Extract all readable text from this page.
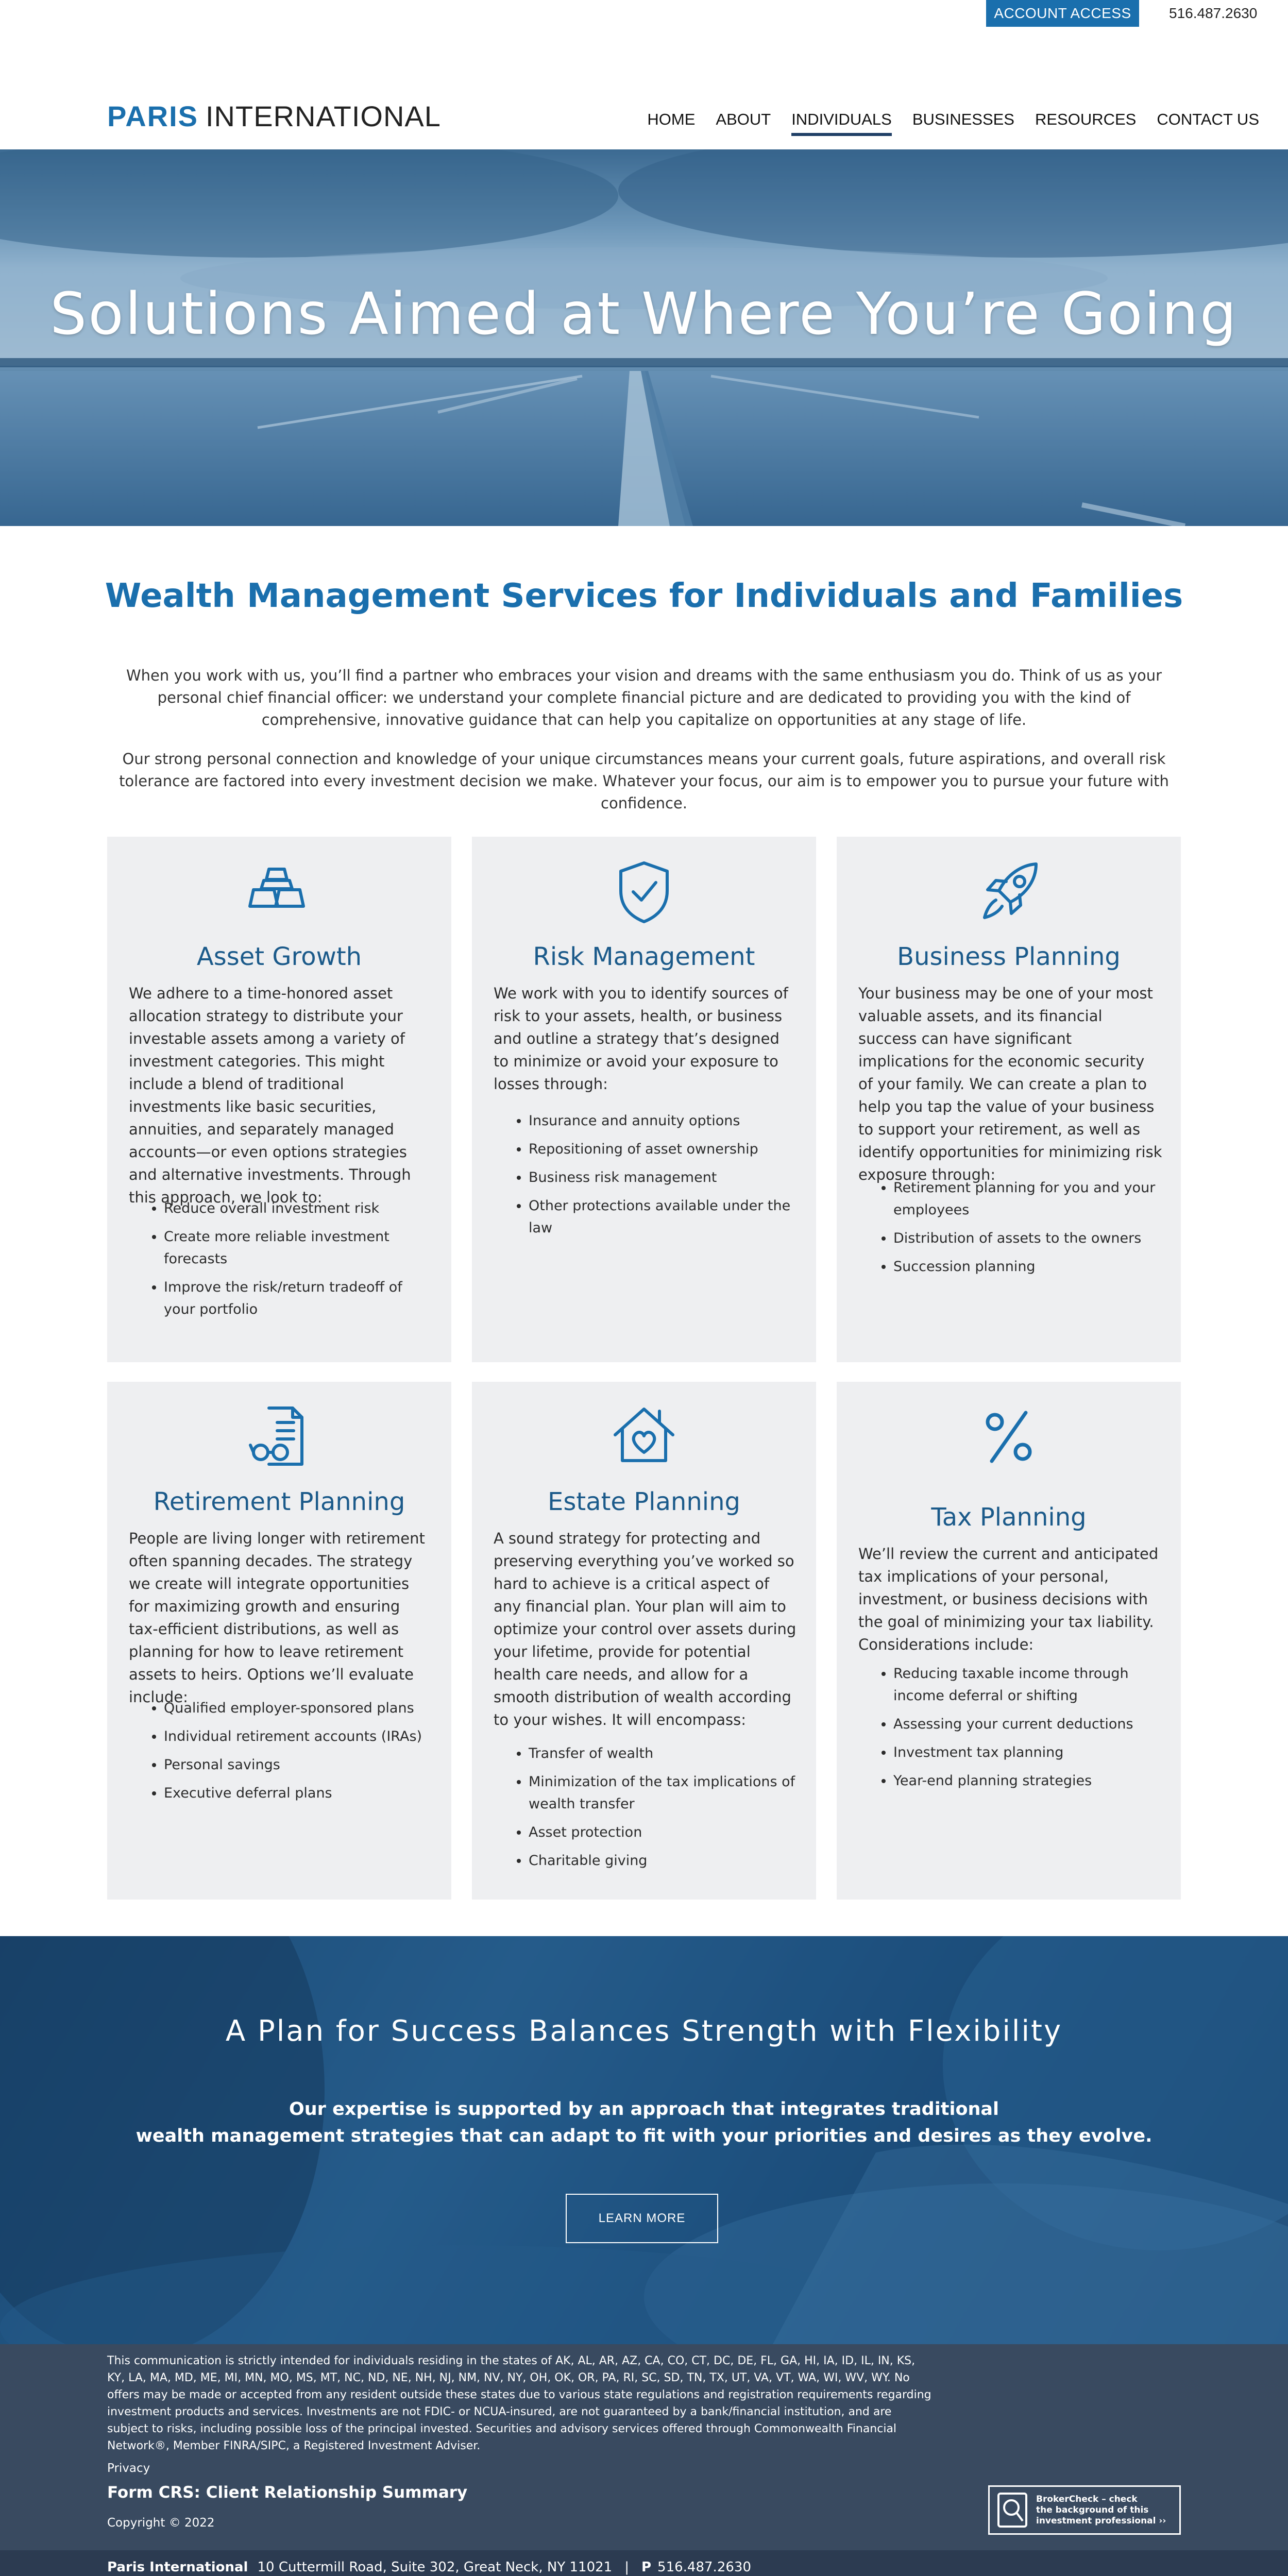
ACCOUNT ACCESS	516.487.2630
PARIS INTERNATIONAL	HOME	ABOUT	INDIVIDUALS	BUSINESSES	RESOURCES	CONTACT US
Solutions Aimed at Where You’re Going
Wealth Management Services for Individuals and Families

When you work with us, you’ll find a partner who embraces your vision and dreams with the same enthusiasm you do. Think of us as your personal chief financial officer: we understand your complete financial picture and are dedicated to providing you with the kind of comprehensive, innovative guidance that can help you capitalize on opportunities at any stage of life.

Our strong personal connection and knowledge of your unique circumstances means your current goals, future aspirations, and overall risk tolerance are factored into every investment decision we make. Whatever your focus, our aim is to empower you to pursue your future with confidence.

Asset Growth

We adhere to a time-honored asset allocation strategy to distribute your investable assets among a variety of investment categories. This might include a blend of traditional investments like basic securities, annuities, and separately managed accounts—or even options strategies and alternative investments. Through this approach, we look to:

• Reduce overall investment risk
• Create more reliable investment forecasts
• Improve the risk/return tradeoff of your portfolio
Risk Management

We work with you to identify sources of risk to your assets, health, or business and outline a strategy that’s designed to minimize or avoid your exposure to losses through:

• Insurance and annuity options
• Repositioning of asset ownership
• Business risk management
• Other protections available under the law
Business Planning

Your business may be one of your most valuable assets, and its financial success can have significant implications for the economic security of your family. We can create a plan to help you tap the value of your business to support your retirement, as well as identify opportunities for minimizing risk exposure through:

• Retirement planning for you and your employees
• Distribution of assets to the owners
• Succession planning
Retirement Planning

People are living longer with retirement often spanning decades. The strategy we create will integrate opportunities for maximizing growth and ensuring tax-efficient distributions, as well as planning for how to leave retirement assets to heirs. Options we’ll evaluate include:

• Qualified employer-sponsored plans
• Individual retirement accounts (IRAs)
• Personal savings
• Executive deferral plans
Estate Planning

A sound strategy for protecting and preserving everything you’ve worked so hard to achieve is a critical aspect of any financial plan. Your plan will aim to optimize your control over assets during your lifetime, provide for potential health care needs, and allow for a smooth distribution of wealth according to your wishes. It will encompass:

• Transfer of wealth
• Minimization of the tax implications of wealth transfer
• Asset protection
• Charitable giving
Tax Planning

We’ll review the current and anticipated tax implications of your personal, investment, or business decisions with the goal of minimizing your tax liability. Considerations include:

• Reducing taxable income through income deferral or shifting
• Assessing your current deductions
• Investment tax planning
• Year-end planning strategies
A Plan for Success Balances Strength with Flexibility
Our expertise is supported by an approach that integrates traditional
wealth management strategies that can adapt to fit with your priorities and desires as they evolve.
LEARN MORE

This communication is strictly intended for individuals residing in the states of AK, AL, AR, AZ, CA, CO, CT, DC, DE, FL, GA, HI, IA, ID, IL, IN, KS, KY, LA, MA, MD, ME, MI, MN, MO, MS, MT, NC, ND, NE, NH, NJ, NM, NV, NY, OH, OK, OR, PA, RI, SC, SD, TN, TX, UT, VA, VT, WA, WI, WV, WY. No offers may be made or accepted from any resident outside these states due to various state regulations and registration requirements regarding investment products and services. Investments are not FDIC- or NCUA-insured, are not guaranteed by a bank/financial institution, and are subject to risks, including possible loss of the principal invested. Securities and advisory services offered through Commonwealth Financial Network®, Member FINRA/SIPC, a Registered Investment Adviser.

Privacy
Form CRS: Client Relationship Summary
Copyright © 2022
BrokerCheck – check
the background of this
investment professional ››
Paris International 10 Cuttermill Road, Suite 302, Great Neck, NY 11021 | P 516.487.2630
